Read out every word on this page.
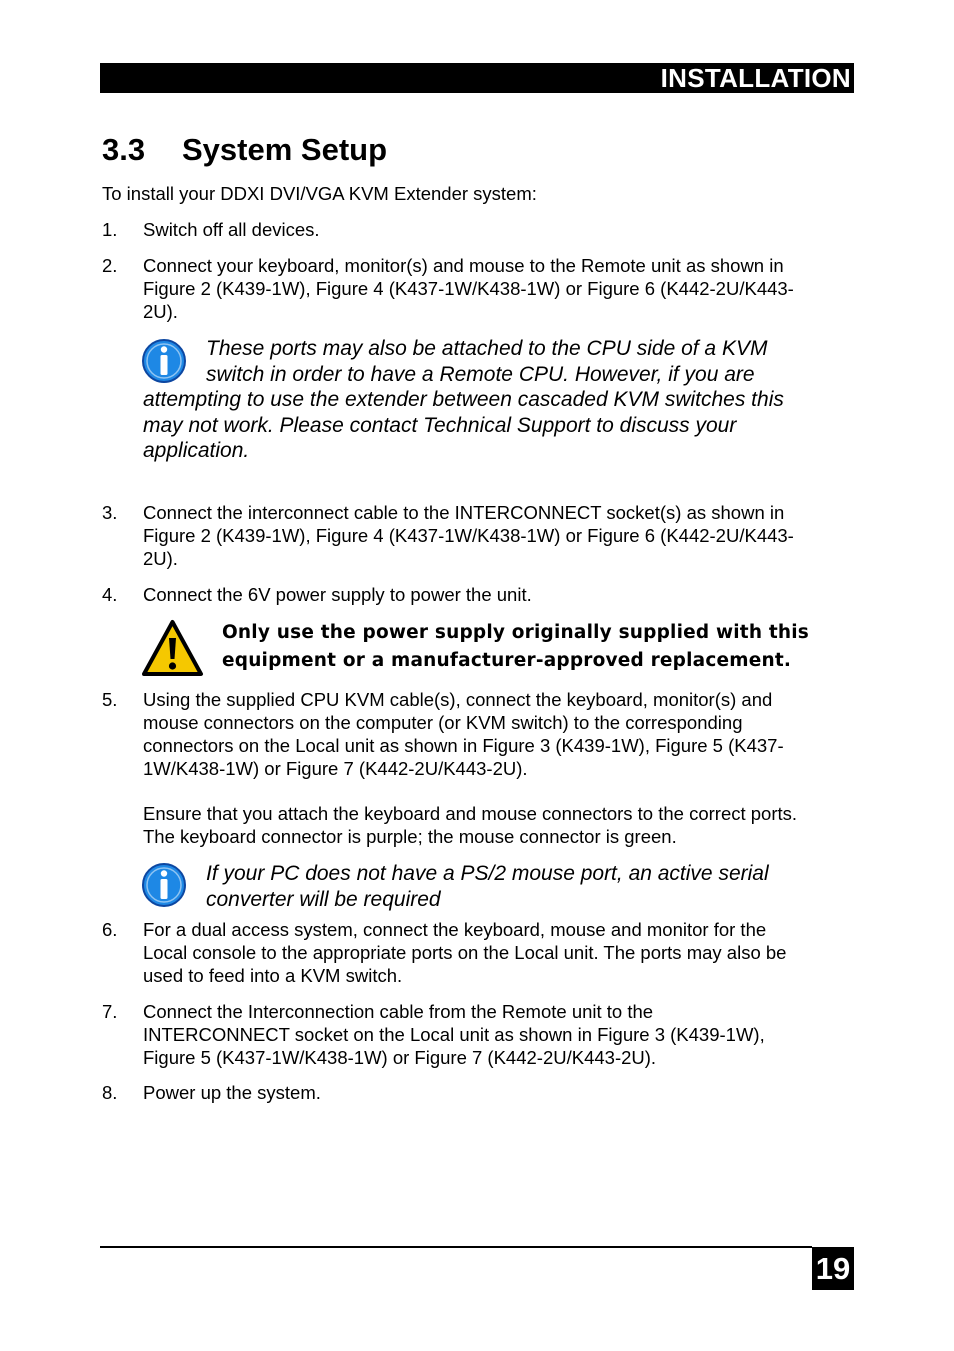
INSTALLATION
3.3 System Setup
To install your DDXI DVI/VGA KVM Extender system:
1. Switch off all devices.
2. Connect your keyboard, monitor(s) and mouse to the Remote unit as shown in
Figure 2 (K439-1W), Figure 4 (K437-1W/K438-1W) or Figure 6 (K442-2U/K443-
2U).
These ports may also be attached to the CPU side of a KVM
switch in order to have a Remote CPU. However, if you are
attempting to use the extender between cascaded KVM switches this
may not work. Please contact Technical Support to discuss your
application.
3. Connect the interconnect cable to the INTERCONNECT socket(s) as shown in
Figure 2 (K439-1W), Figure 4 (K437-1W/K438-1W) or Figure 6 (K442-2U/K443-
2U).
4. Connect the 6V power supply to power the unit.
Only use the power supply originally supplied with this
equipment or a manufacturer-approved replacement.
5. Using the supplied CPU KVM cable(s), connect the keyboard, monitor(s) and
mouse connectors on the computer (or KVM switch) to the corresponding
connectors on the Local unit as shown in Figure 3 (K439-1W), Figure 5 (K437-
1W/K438-1W) or Figure 7 (K442-2U/K443-2U).
Ensure that you attach the keyboard and mouse connectors to the correct ports.
The keyboard connector is purple; the mouse connector is green.
If your PC does not have a PS/2 mouse port, an active serial
converter will be required
6. For a dual access system, connect the keyboard, mouse and monitor for the
Local console to the appropriate ports on the Local unit. The ports may also be
used to feed into a KVM switch.
7. Connect the Interconnection cable from the Remote unit to the
INTERCONNECT socket on the Local unit as shown in Figure 3 (K439-1W),
Figure 5 (K437-1W/K438-1W) or Figure 7 (K442-2U/K443-2U).
8. Power up the system.
19
